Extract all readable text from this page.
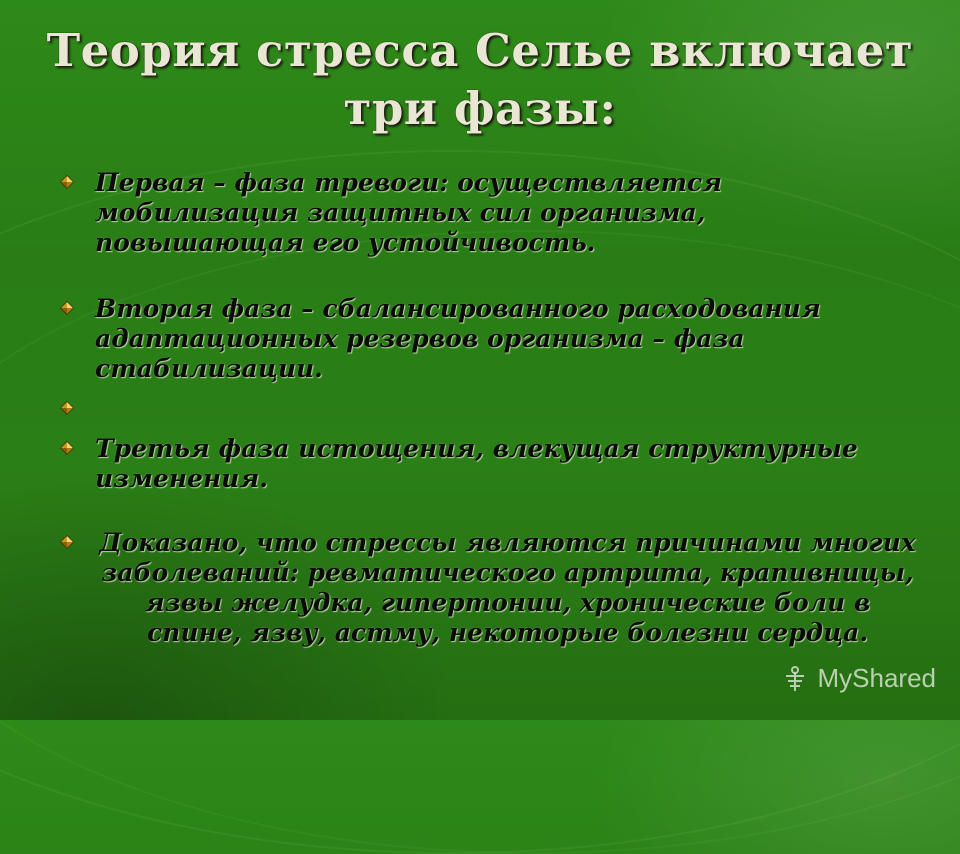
Теория стресса Селье включает три фазы:
Первая – фаза тревоги: осуществляется мобилизация защитных сил организма, повышающая его устойчивость.
Вторая фаза – сбалансированного расходования адаптационных резервов организма – фаза стабилизации.
Третья фаза истощения, влекущая структурные изменения.
Доказано, что стрессы являются причинами многих заболеваний: ревматического артрита, крапивницы, язвы желудка, гипертонии, хронические боли в спине, язву, астму, некоторые болезни сердца.
MyShared
